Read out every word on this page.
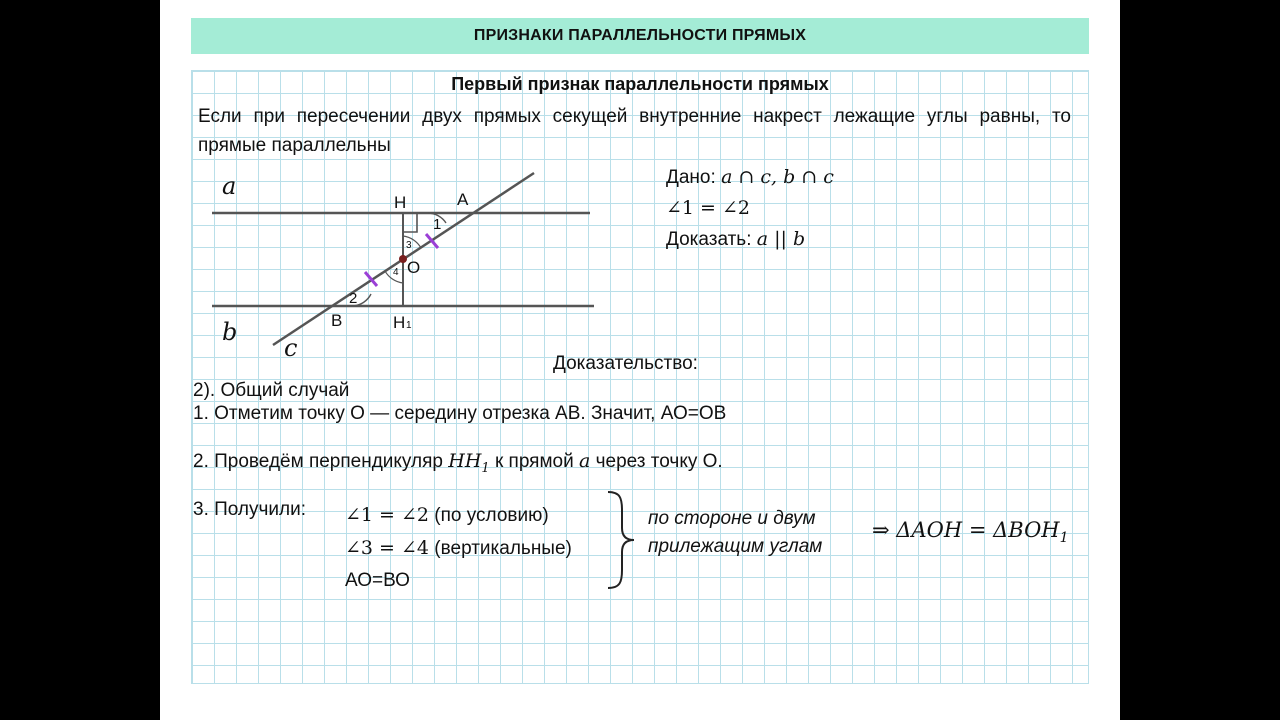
ПРИЗНАКИ ПАРАЛЛЕЛЬНОСТИ ПРЯМЫХ
Первый признак параллельности прямых
Если при пересечении двух прямых секущей внутренние накрест лежащие углы равны, то прямые параллельны
a
b
c
H	A
O
B	H 1
1
2
3
4
Дано: a ∩ c, b ∩ c
∠1 = ∠2
Доказать: a || b
Доказательство:
2). Общий случай
1. Отметим точку О — середину отрезка АВ. Значит, АО=ОВ
2. Проведём перпендикуляр $HH_1$ к прямой a через точку О.
3. Получили: ∠1 = ∠2 (по условию)
∠3 = ∠4 (вертикальные)
АО=ВО
по стороне и двум
прилежащим углам
⇒ $\Delta AOH = \Delta BOH_1$
